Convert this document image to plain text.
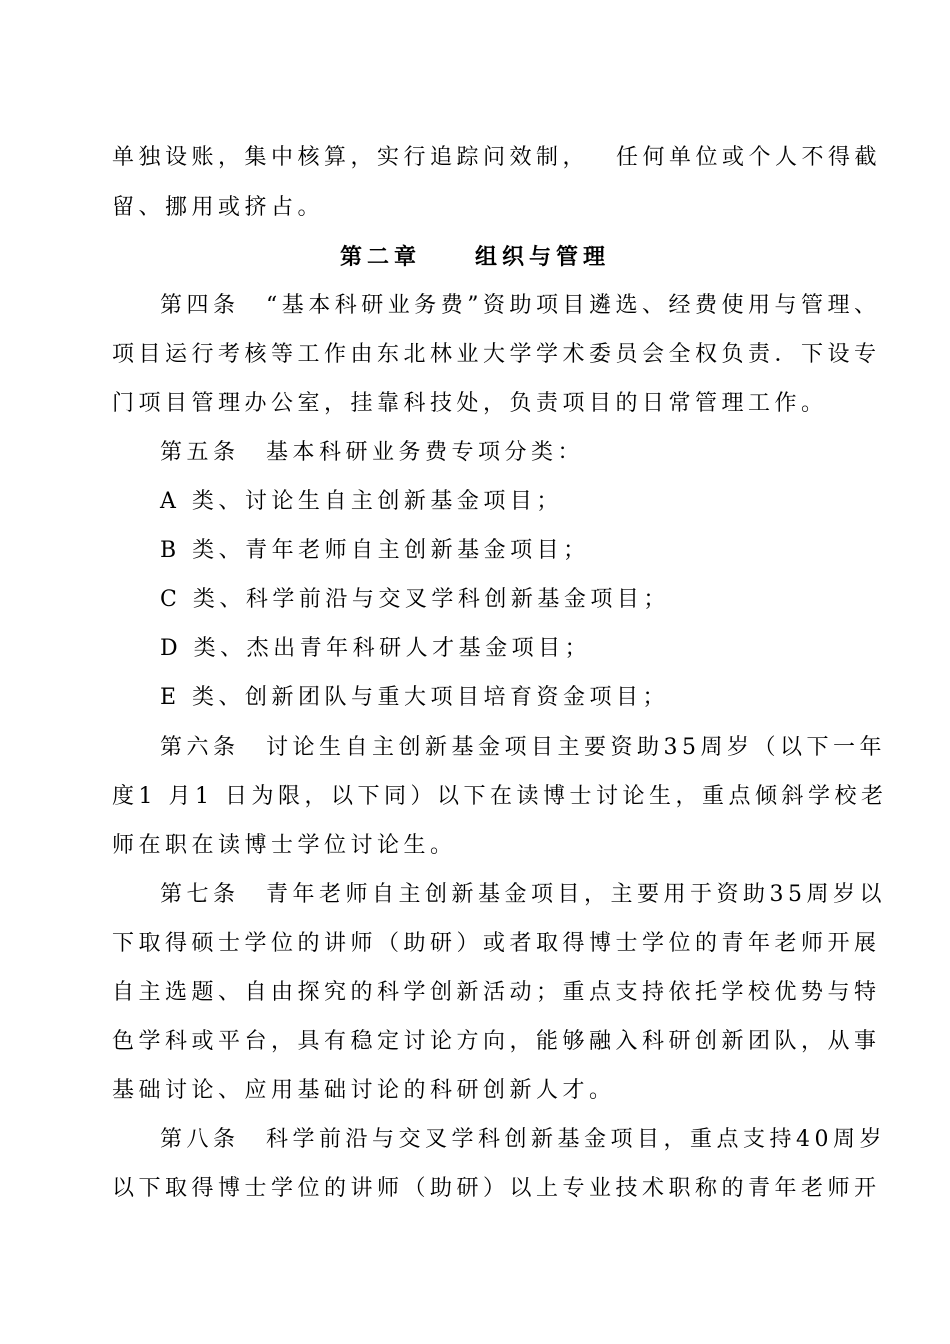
单独设账，集中核算，实行追踪问效制，　 任何单位或个人不得截
留、挪用或挤占。
第二章　　组织与管理
第四条　“基本科研业务费”资助项目遴选、经费使用与管理、
项目运行考核等工作由东北林业大学学术委员会全权负责．下设专
门项目管理办公室，挂靠科技处，负责项目的日常管理工作。
第五条　基本科研业务费专项分类：
A 类、讨论生自主创新基金项目；
B 类、青年老师自主创新基金项目；
C 类、科学前沿与交叉学科创新基金项目；
D 类、杰出青年科研人才基金项目；
E 类、创新团队与重大项目培育资金项目；
第六条　讨论生自主创新基金项目主要资助35周岁（以下一年
度1 月1 日为限，以下同）以下在读博士讨论生，重点倾斜学校老
师在职在读博士学位讨论生。
第七条　青年老师自主创新基金项目，主要用于资助35周岁以
下取得硕士学位的讲师（助研）或者取得博士学位的青年老师开展
自主选题、自由探究的科学创新活动；重点支持依托学校优势与特
色学科或平台，具有稳定讨论方向，能够融入科研创新团队，从事
基础讨论、应用基础讨论的科研创新人才。
第八条　科学前沿与交叉学科创新基金项目，重点支持40周岁
以下取得博士学位的讲师（助研）以上专业技术职称的青年老师开
